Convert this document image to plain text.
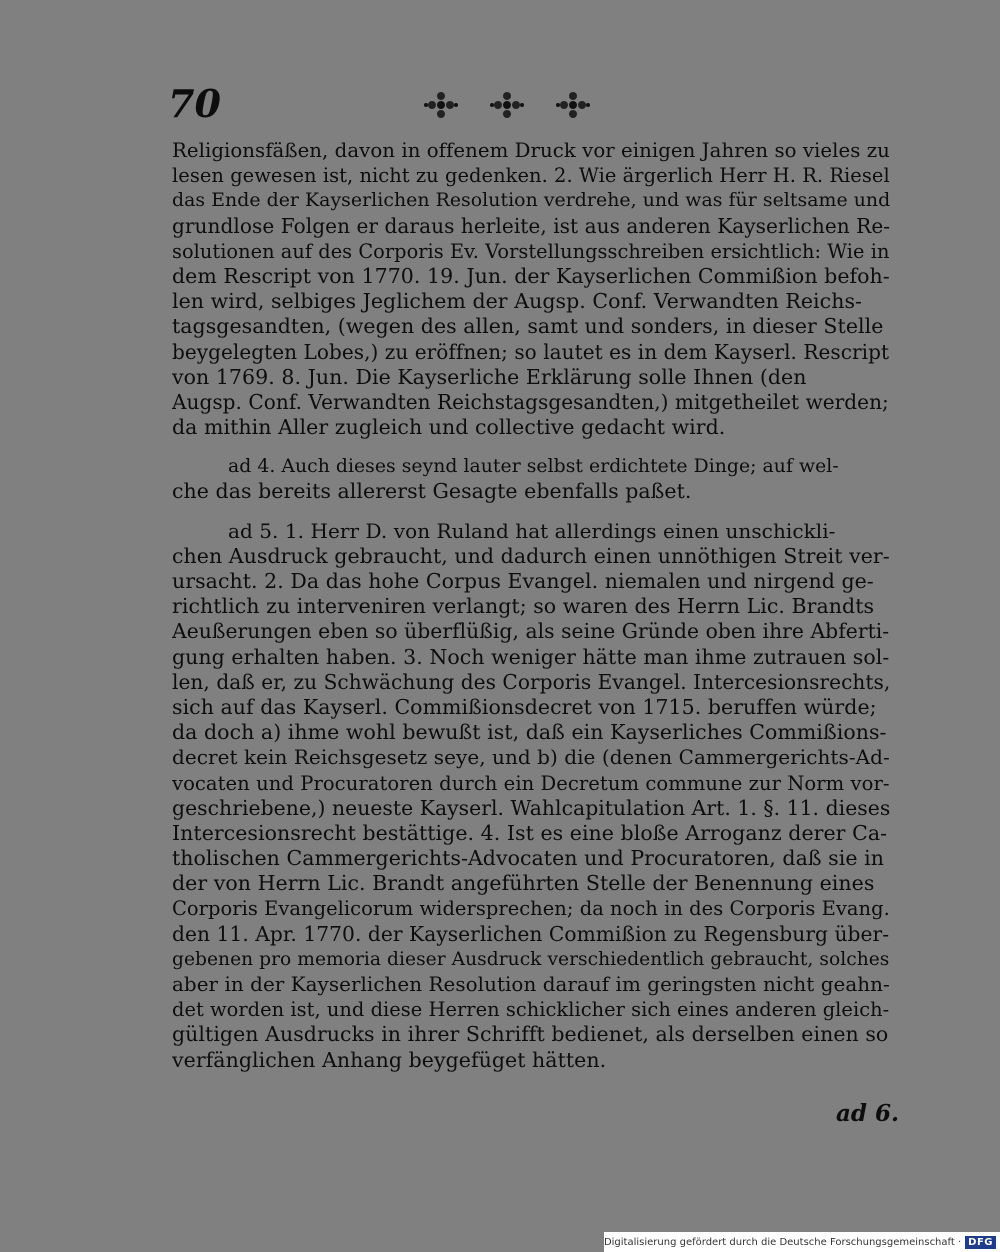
70
Religionsfäßen, davon in offenem Druck vor einigen Jahren so vieles zu
lesen gewesen ist, nicht zu gedenken. 2. Wie ärgerlich Herr H. R. Riesel
das Ende der Kayserlichen Resolution verdrehe, und was für seltsame und
grundlose Folgen er daraus herleite, ist aus anderen Kayserlichen Re-
solutionen auf des Corporis Ev. Vorstellungsschreiben ersichtlich: Wie in
dem Rescript von 1770. 19. Jun. der Kayserlichen Commißion befoh-
len wird, selbiges Jeglichem der Augsp. Conf. Verwandten Reichs-
tagsgesandten, (wegen des allen, samt und sonders, in dieser Stelle
beygelegten Lobes,) zu eröffnen; so lautet es in dem Kayserl. Rescript
von 1769. 8. Jun. Die Kayserliche Erklärung solle Ihnen (den
Augsp. Conf. Verwandten Reichstagsgesandten,) mitgetheilet werden;
da mithin Aller zugleich und collective gedacht wird.
ad 4. Auch dieses seynd lauter selbst erdichtete Dinge; auf wel-
che das bereits allererst Gesagte ebenfalls paßet.
ad 5. 1. Herr D. von Ruland hat allerdings einen unschickli-
chen Ausdruck gebraucht, und dadurch einen unnöthigen Streit ver-
ursacht. 2. Da das hohe Corpus Evangel. niemalen und nirgend ge-
richtlich zu interveniren verlangt; so waren des Herrn Lic. Brandts
Aeußerungen eben so überflüßig, als seine Gründe oben ihre Abferti-
gung erhalten haben. 3. Noch weniger hätte man ihme zutrauen sol-
len, daß er, zu Schwächung des Corporis Evangel. Intercesionsrechts,
sich auf das Kayserl. Commißionsdecret von 1715. beruffen würde;
da doch a) ihme wohl bewußt ist, daß ein Kayserliches Commißions-
decret kein Reichsgesetz seye, und b) die (denen Cammergerichts-Ad-
vocaten und Procuratoren durch ein Decretum commune zur Norm vor-
geschriebene,) neueste Kayserl. Wahlcapitulation Art. 1. §. 11. dieses
Intercesionsrecht bestättige. 4. Ist es eine bloße Arroganz derer Ca-
tholischen Cammergerichts-Advocaten und Procuratoren, daß sie in
der von Herrn Lic. Brandt angeführten Stelle der Benennung eines
Corporis Evangelicorum widersprechen; da noch in des Corporis Evang.
den 11. Apr. 1770. der Kayserlichen Commißion zu Regensburg über-
gebenen pro memoria dieser Ausdruck verschiedentlich gebraucht, solches
aber in der Kayserlichen Resolution darauf im geringsten nicht geahn-
det worden ist, und diese Herren schicklicher sich eines anderen gleich-
gültigen Ausdrucks in ihrer Schrifft bedienet, als derselben einen so
verfänglichen Anhang beygefüget hätten.
ad 6.
Digitalisierung gefördert durch die Deutsche Forschungsgemeinschaft · DFG
